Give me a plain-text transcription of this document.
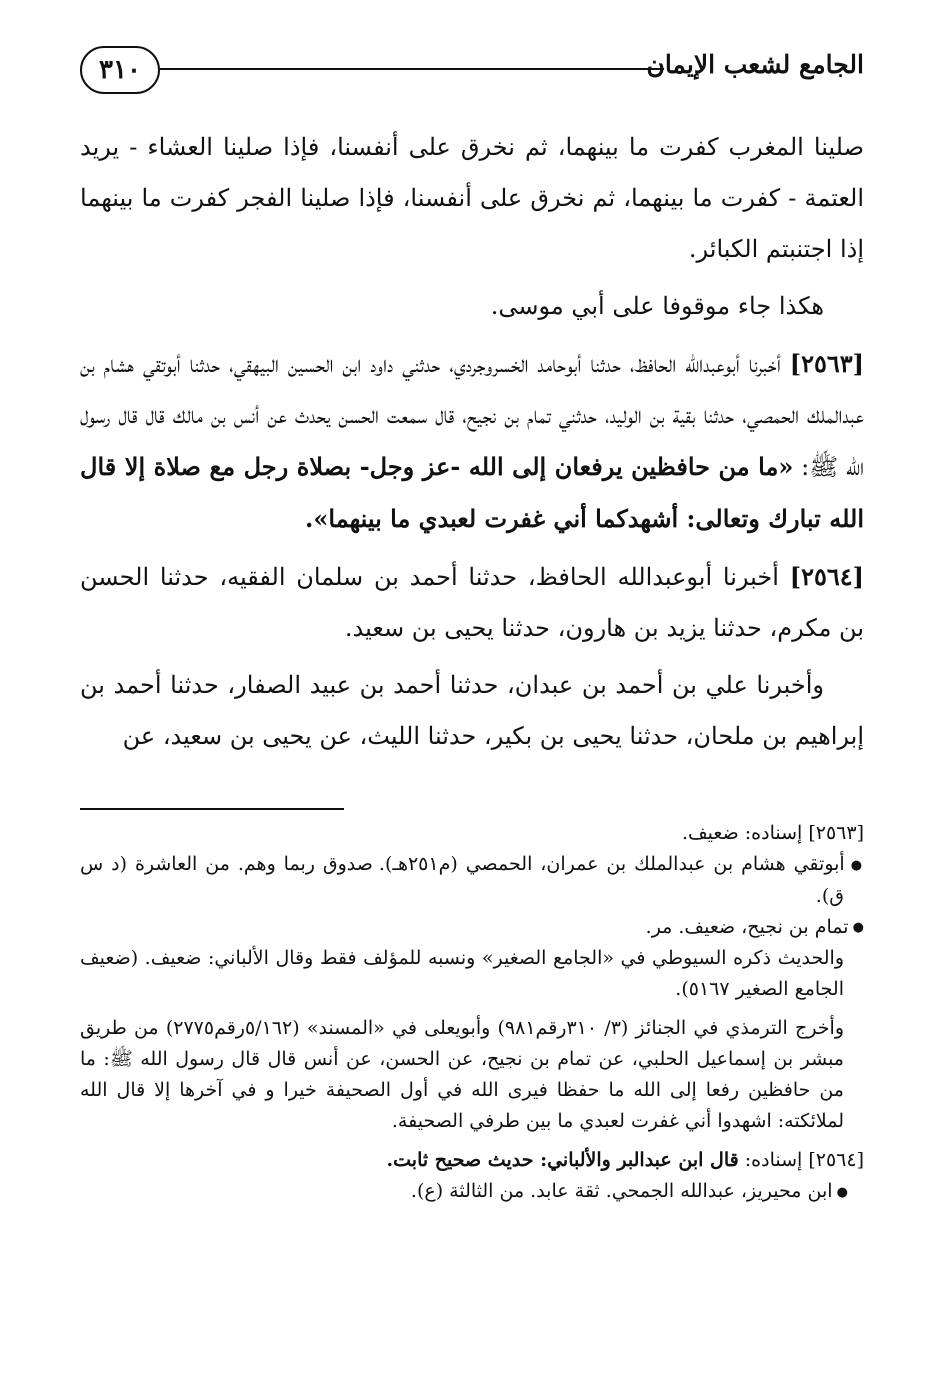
٣١٠	الجامع لشعب الإيمان

صلينا المغرب كفرت ما بينهما، ثم نخرق على أنفسنا، فإذا صلينا العشاء - يريد العتمة - كفرت ما بينهما، ثم نخرق على أنفسنا، فإذا صلينا الفجر كفرت ما بينهما إذا اجتنبتم الكبائر.

هكذا جاء موقوفا على أبي موسى.

[٢٥٦٣] أخبرنا أبوعبدالله الحافظ، حدثنا أبوحامد الخسروجردي، حدثني داود ابن الحسين البيهقي، حدثنا أبوتقي هشام بن عبدالملك الحمصي، حدثنا بقية بن الوليد، حدثني تمام بن نجيح، قال سمعت الحسن يحدث عن أنس بن مالك قال قال رسول الله ﷺ: «ما من حافظين يرفعان إلى الله -عز وجل- بصلاة رجل مع صلاة إلا قال الله تبارك وتعالى: أشهدكما أني غفرت لعبدي ما بينهما».

[٢٥٦٤] أخبرنا أبوعبدالله الحافظ، حدثنا أحمد بن سلمان الفقيه، حدثنا الحسن بن مكرم، حدثنا يزيد بن هارون، حدثنا يحيى بن سعيد.

وأخبرنا علي بن أحمد بن عبدان، حدثنا أحمد بن عبيد الصفار، حدثنا أحمد بن إبراهيم بن ملحان، حدثنا يحيى بن بكير، حدثنا الليث، عن يحيى بن سعيد، عن

[٢٥٦٣] إسناده: ضعيف.

● أبوتقي هشام بن عبدالملك بن عمران، الحمصي (م٢٥١هـ). صدوق ربما وهم. من العاشرة (د س ق).

● تمام بن نجيح، ضعيف. مر.

والحديث ذكره السيوطي في «الجامع الصغير» ونسبه للمؤلف فقط وقال الألباني: ضعيف. (ضعيف الجامع الصغير ٥١٦٧).

وأخرج الترمذي في الجنائز (٣/ ٣١٠رقم٩٨١) وأبويعلى في «المسند» (٥/١٦٢رقم٢٧٧٥) من طريق مبشر بن إسماعيل الحلبي، عن تمام بن نجيح، عن الحسن، عن أنس قال قال رسول الله ﷺ: ما من حافظين رفعا إلى الله ما حفظا فيرى الله في أول الصحيفة خيرا و في آخرها إلا قال الله لملائكته: اشهدوا أني غفرت لعبدي ما بين طرفي الصحيفة.

[٢٥٦٤] إسناده: قال ابن عبدالبر والألباني: حديث صحيح ثابت.

● ابن محيريز، عبدالله الجمحي. ثقة عابد. من الثالثة (ع).
